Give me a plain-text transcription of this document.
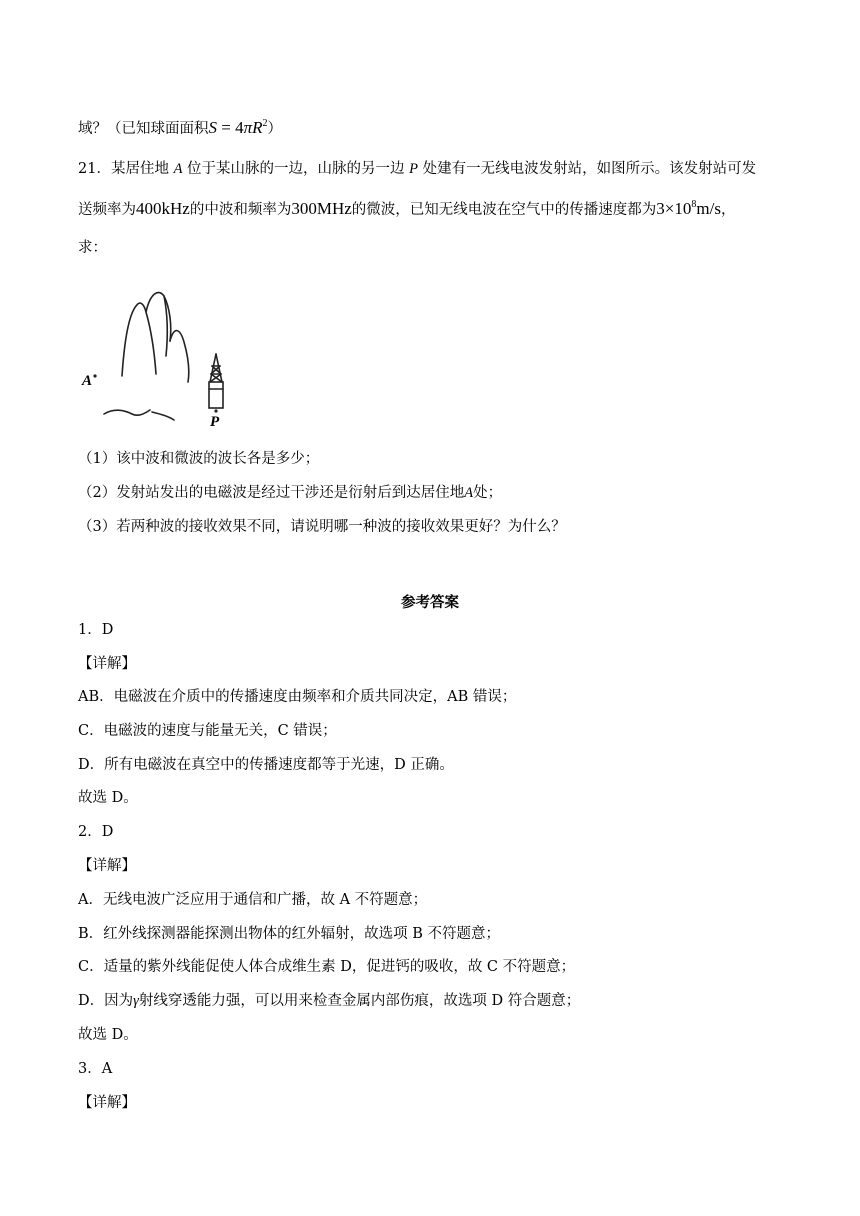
域？（已知球面面积$S = 4\pi R^2$）
21．某居住地 A 位于某山脉的一边，山脉的另一边 P 处建有一无线电波发射站，如图所示。该发射站可发
送频率为400kHz的中波和频率为300MHz的微波，已知无线电波在空气中的传播速度都为$3\times 10^8m/s$，
求：
A
P
（1）该中波和微波的波长各是多少；
（2）发射站发出的电磁波是经过干涉还是衍射后到达居住地A处；
（3）若两种波的接收效果不同，请说明哪一种波的接收效果更好？为什么？
参考答案
1．D
【详解】
AB．电磁波在介质中的传播速度由频率和介质共同决定，AB 错误；
C．电磁波的速度与能量无关，C 错误；
D．所有电磁波在真空中的传播速度都等于光速，D 正确。
故选 D。
2．D
【详解】
A．无线电波广泛应用于通信和广播，故 A 不符题意；
B．红外线探测器能探测出物体的红外辐射，故选项 B 不符题意；
C．适量的紫外线能促使人体合成维生素 D，促进钙的吸收，故 C 不符题意；
D．因为γ射线穿透能力强，可以用来检查金属内部伤痕，故选项 D 符合题意；
故选 D。
3．A
【详解】
